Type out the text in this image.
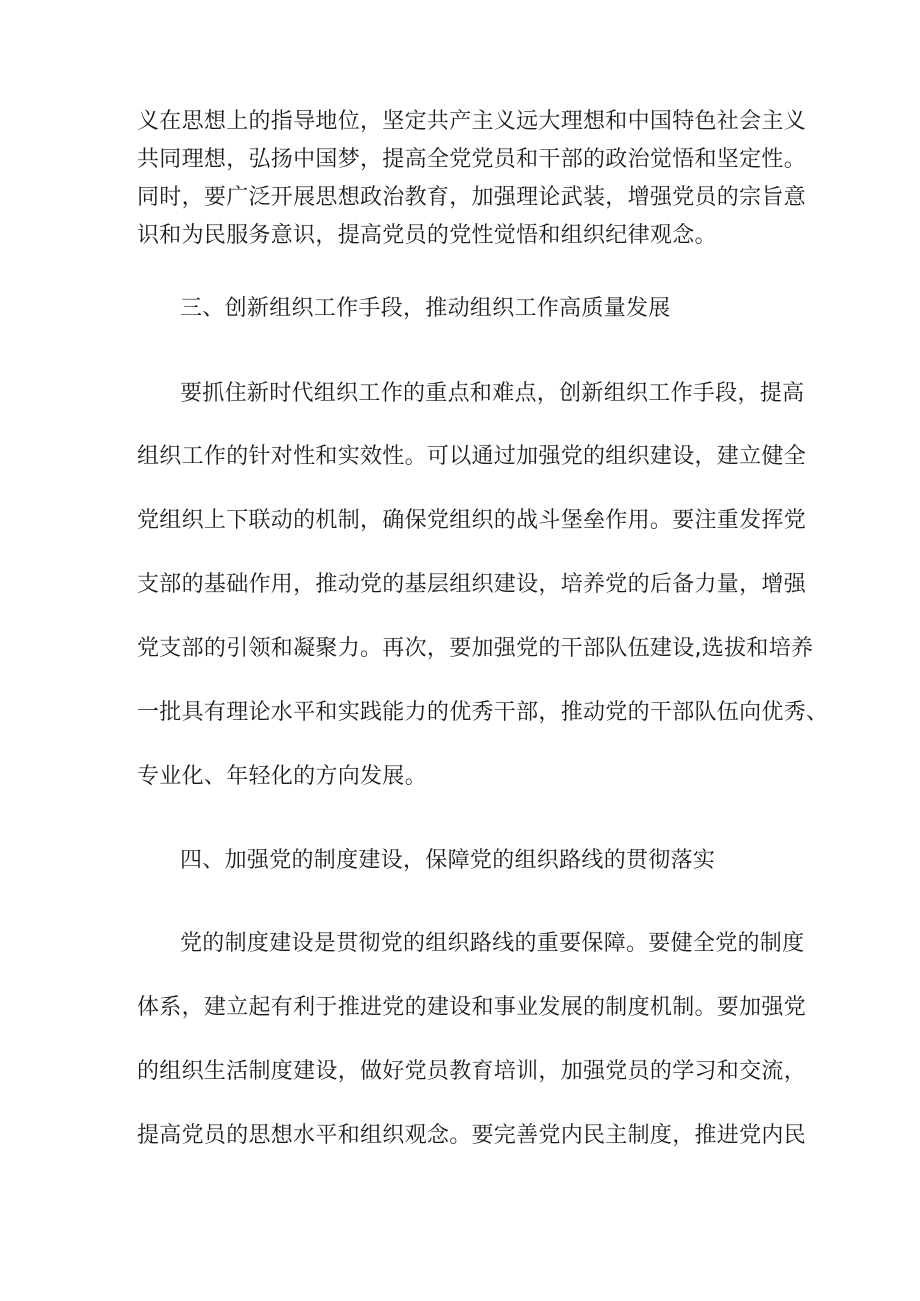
义在思想上的指导地位，坚定共产主义远大理想和中国特色社会主义

共同理想，弘扬中国梦，提高全党党员和干部的政治觉悟和坚定性。

同时，要广泛开展思想政治教育，加强理论武装，增强党员的宗旨意

识和为民服务意识，提高党员的党性觉悟和组织纪律观念。

三、创新组织工作手段，推动组织工作高质量发展

要抓住新时代组织工作的重点和难点，创新组织工作手段，提高

组织工作的针对性和实效性。可以通过加强党的组织建设，建立健全

党组织上下联动的机制，确保党组织的战斗堡垒作用。要注重发挥党

支部的基础作用，推动党的基层组织建设，培养党的后备力量，增强

党支部的引领和凝聚力。再次，要加强党的干部队伍建设,选拔和培养

一批具有理论水平和实践能力的优秀干部，推动党的干部队伍向优秀、

专业化、年轻化的方向发展。

四、加强党的制度建设，保障党的组织路线的贯彻落实

党的制度建设是贯彻党的组织路线的重要保障。要健全党的制度

体系，建立起有利于推进党的建设和事业发展的制度机制。要加强党

的组织生活制度建设，做好党员教育培训，加强党员的学习和交流，

提高党员的思想水平和组织观念。要完善党内民主制度，推进党内民
